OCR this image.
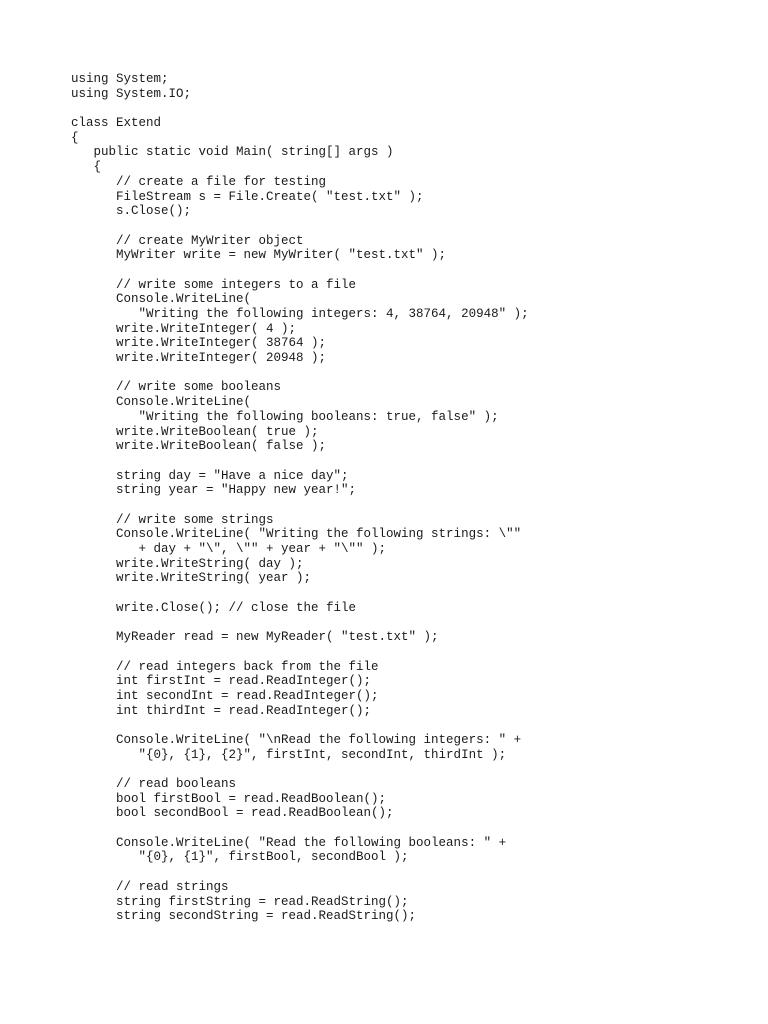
using System;
using System.IO;
class Extend
{
public static void Main( string[] args )
{
// create a file for testing
FileStream s = File.Create( "test.txt" );
s.Close();
// create MyWriter object
MyWriter write = new MyWriter( "test.txt" );
// write some integers to a file
Console.WriteLine(
"Writing the following integers: 4, 38764, 20948" );
write.WriteInteger( 4 );
write.WriteInteger( 38764 );
write.WriteInteger( 20948 );
// write some booleans
Console.WriteLine(
"Writing the following booleans: true, false" );
write.WriteBoolean( true );
write.WriteBoolean( false );
string day = "Have a nice day";
string year = "Happy new year!";
// write some strings
Console.WriteLine( "Writing the following strings: \""
+ day + "\", \"" + year + "\"" );
write.WriteString( day );
write.WriteString( year );
write.Close(); // close the file
MyReader read = new MyReader( "test.txt" );
// read integers back from the file
int firstInt = read.ReadInteger();
int secondInt = read.ReadInteger();
int thirdInt = read.ReadInteger();
Console.WriteLine( "\nRead the following integers: " +
"{0}, {1}, {2}", firstInt, secondInt, thirdInt );
// read booleans
bool firstBool = read.ReadBoolean();
bool secondBool = read.ReadBoolean();
Console.WriteLine( "Read the following booleans: " +
"{0}, {1}", firstBool, secondBool );
// read strings
string firstString = read.ReadString();
string secondString = read.ReadString();
